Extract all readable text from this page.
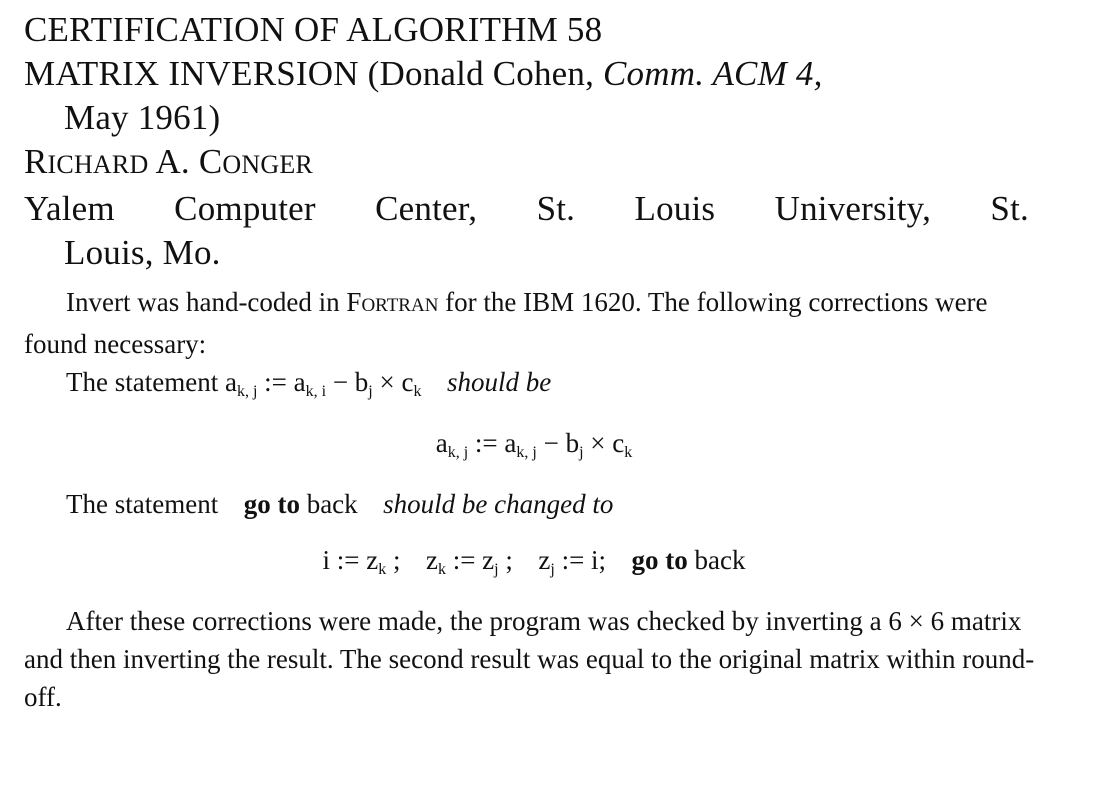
CERTIFICATION OF ALGORITHM 58
MATRIX INVERSION (Donald Cohen, Comm. ACM 4,
May 1961)
RICHARD A. CONGER
Yalem Computer Center, St. Louis University, St.
Louis, Mo.
Invert was hand-coded in FORTRAN for the IBM 1620. The following corrections were found necessary:
The statement ak, j := ak, i − bj × ck should be
ak, j := ak, j − bj × ck
The statement go to back should be changed to
i := zk ; zk := zj ; zj := i; go to back
After these corrections were made, the program was checked by inverting a 6 × 6 matrix and then inverting the result. The second result was equal to the original matrix within round-off.
